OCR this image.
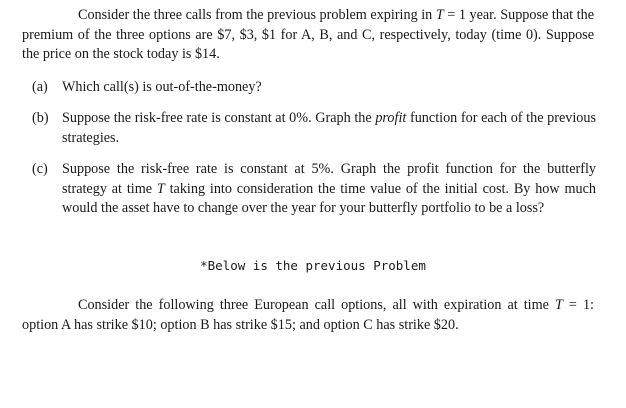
Consider the three calls from the previous problem expiring in T = 1 year. Suppose that the premium of the three options are $7, $3, $1 for A, B, and C, respectively, today (time 0). Suppose the price on the stock today is $14.

(a)	Which call(s) is out-of-the-money?
(b) Suppose the risk-free rate is constant at 0%. Graph the profit function for each of the previous strategies.
(c)	Suppose the risk-free rate is constant at 5%. Graph the profit function for the butterfly strategy at time T taking into consideration the time value of the initial cost. By how much would the asset have to change over the year for your butterfly portfolio to be a loss?
*Below is the previous Problem

Consider the following three European call options, all with expiration at time T = 1: option A has strike $10; option B has strike $15; and option C has strike $20.
